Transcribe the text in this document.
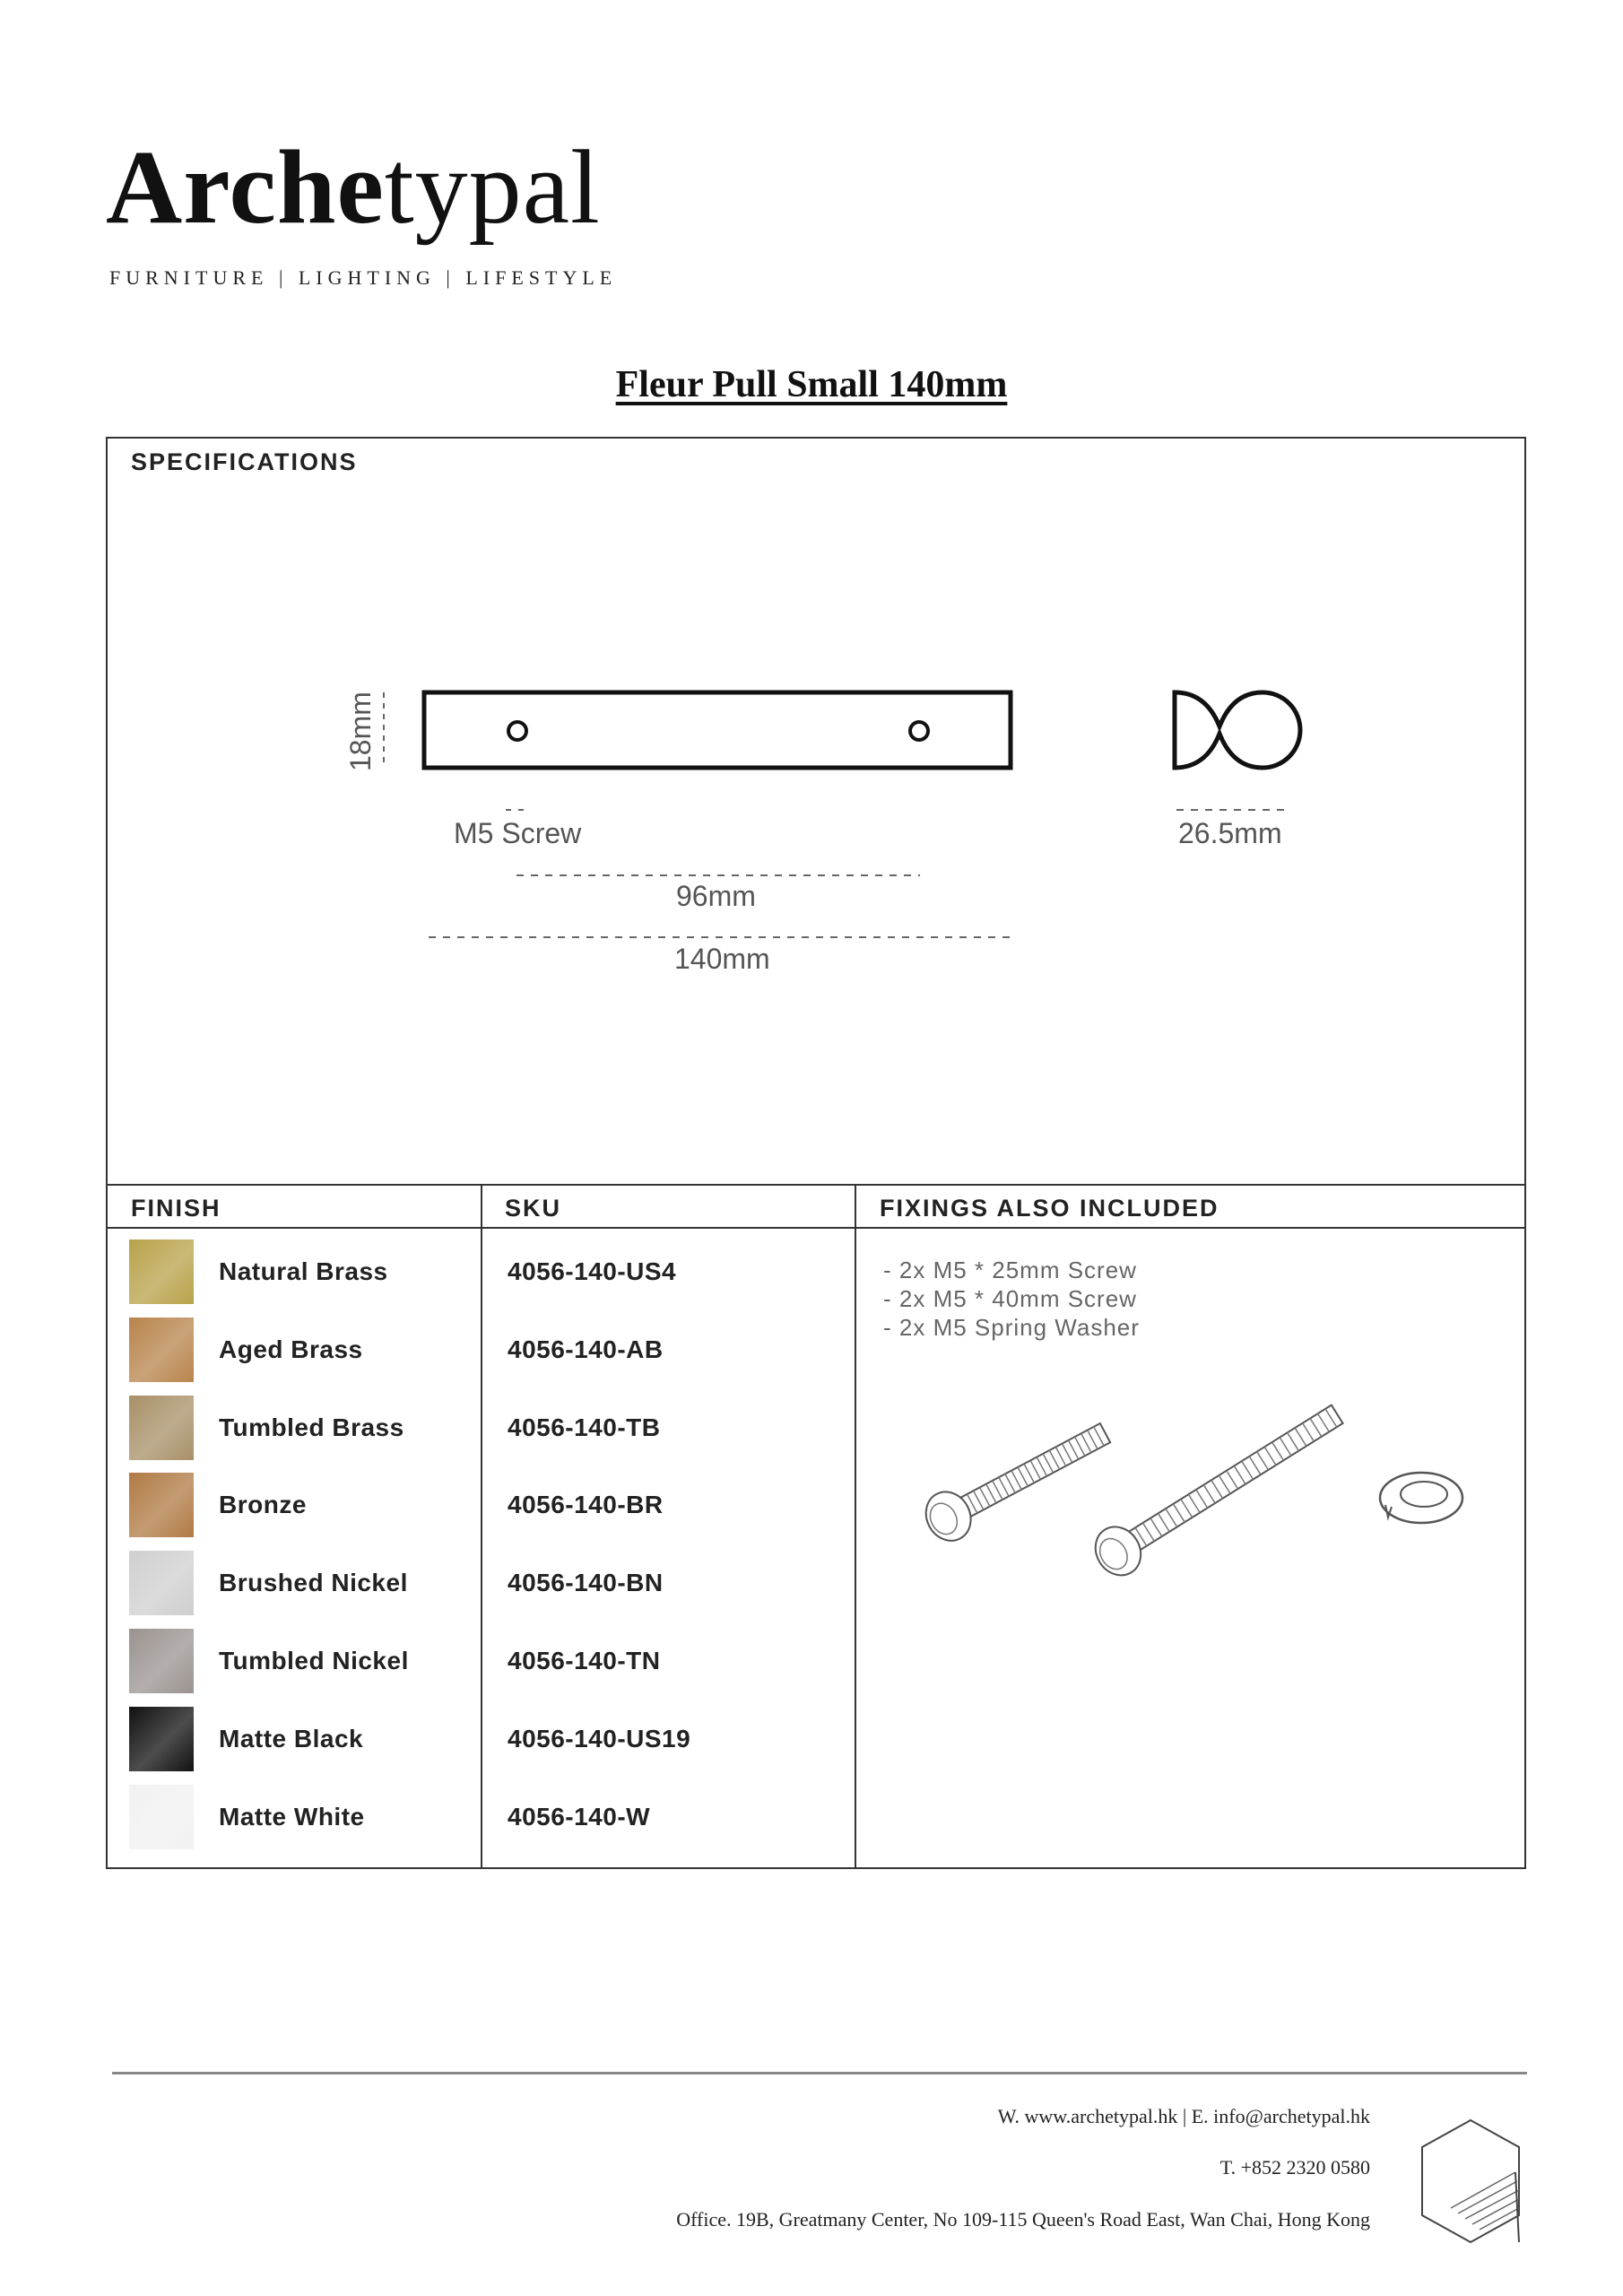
Archetypal
FURNITURE | LIGHTING | LIFESTYLE
Fleur Pull Small 140mm
SPECIFICATIONS
18mm
M5 Screw
96mm
140mm
26.5mm
FINISH	SKU	FIXINGS ALSO INCLUDED
Natural Brass	4056-140-US4
Aged Brass	4056-140-AB
Tumbled Brass	4056-140-TB
Bronze	4056-140-BR
Brushed Nickel	4056-140-BN
Tumbled Nickel	4056-140-TN
Matte Black	4056-140-US19
Matte White	4056-140-W
- 2x M5 * 25mm Screw
- 2x M5 * 40mm Screw
- 2x M5 Spring Washer
W. www.archetypal.hk | E. info@archetypal.hk
T. +852 2320 0580
Office. 19B, Greatmany Center, No 109-115 Queen's Road East, Wan Chai, Hong Kong
